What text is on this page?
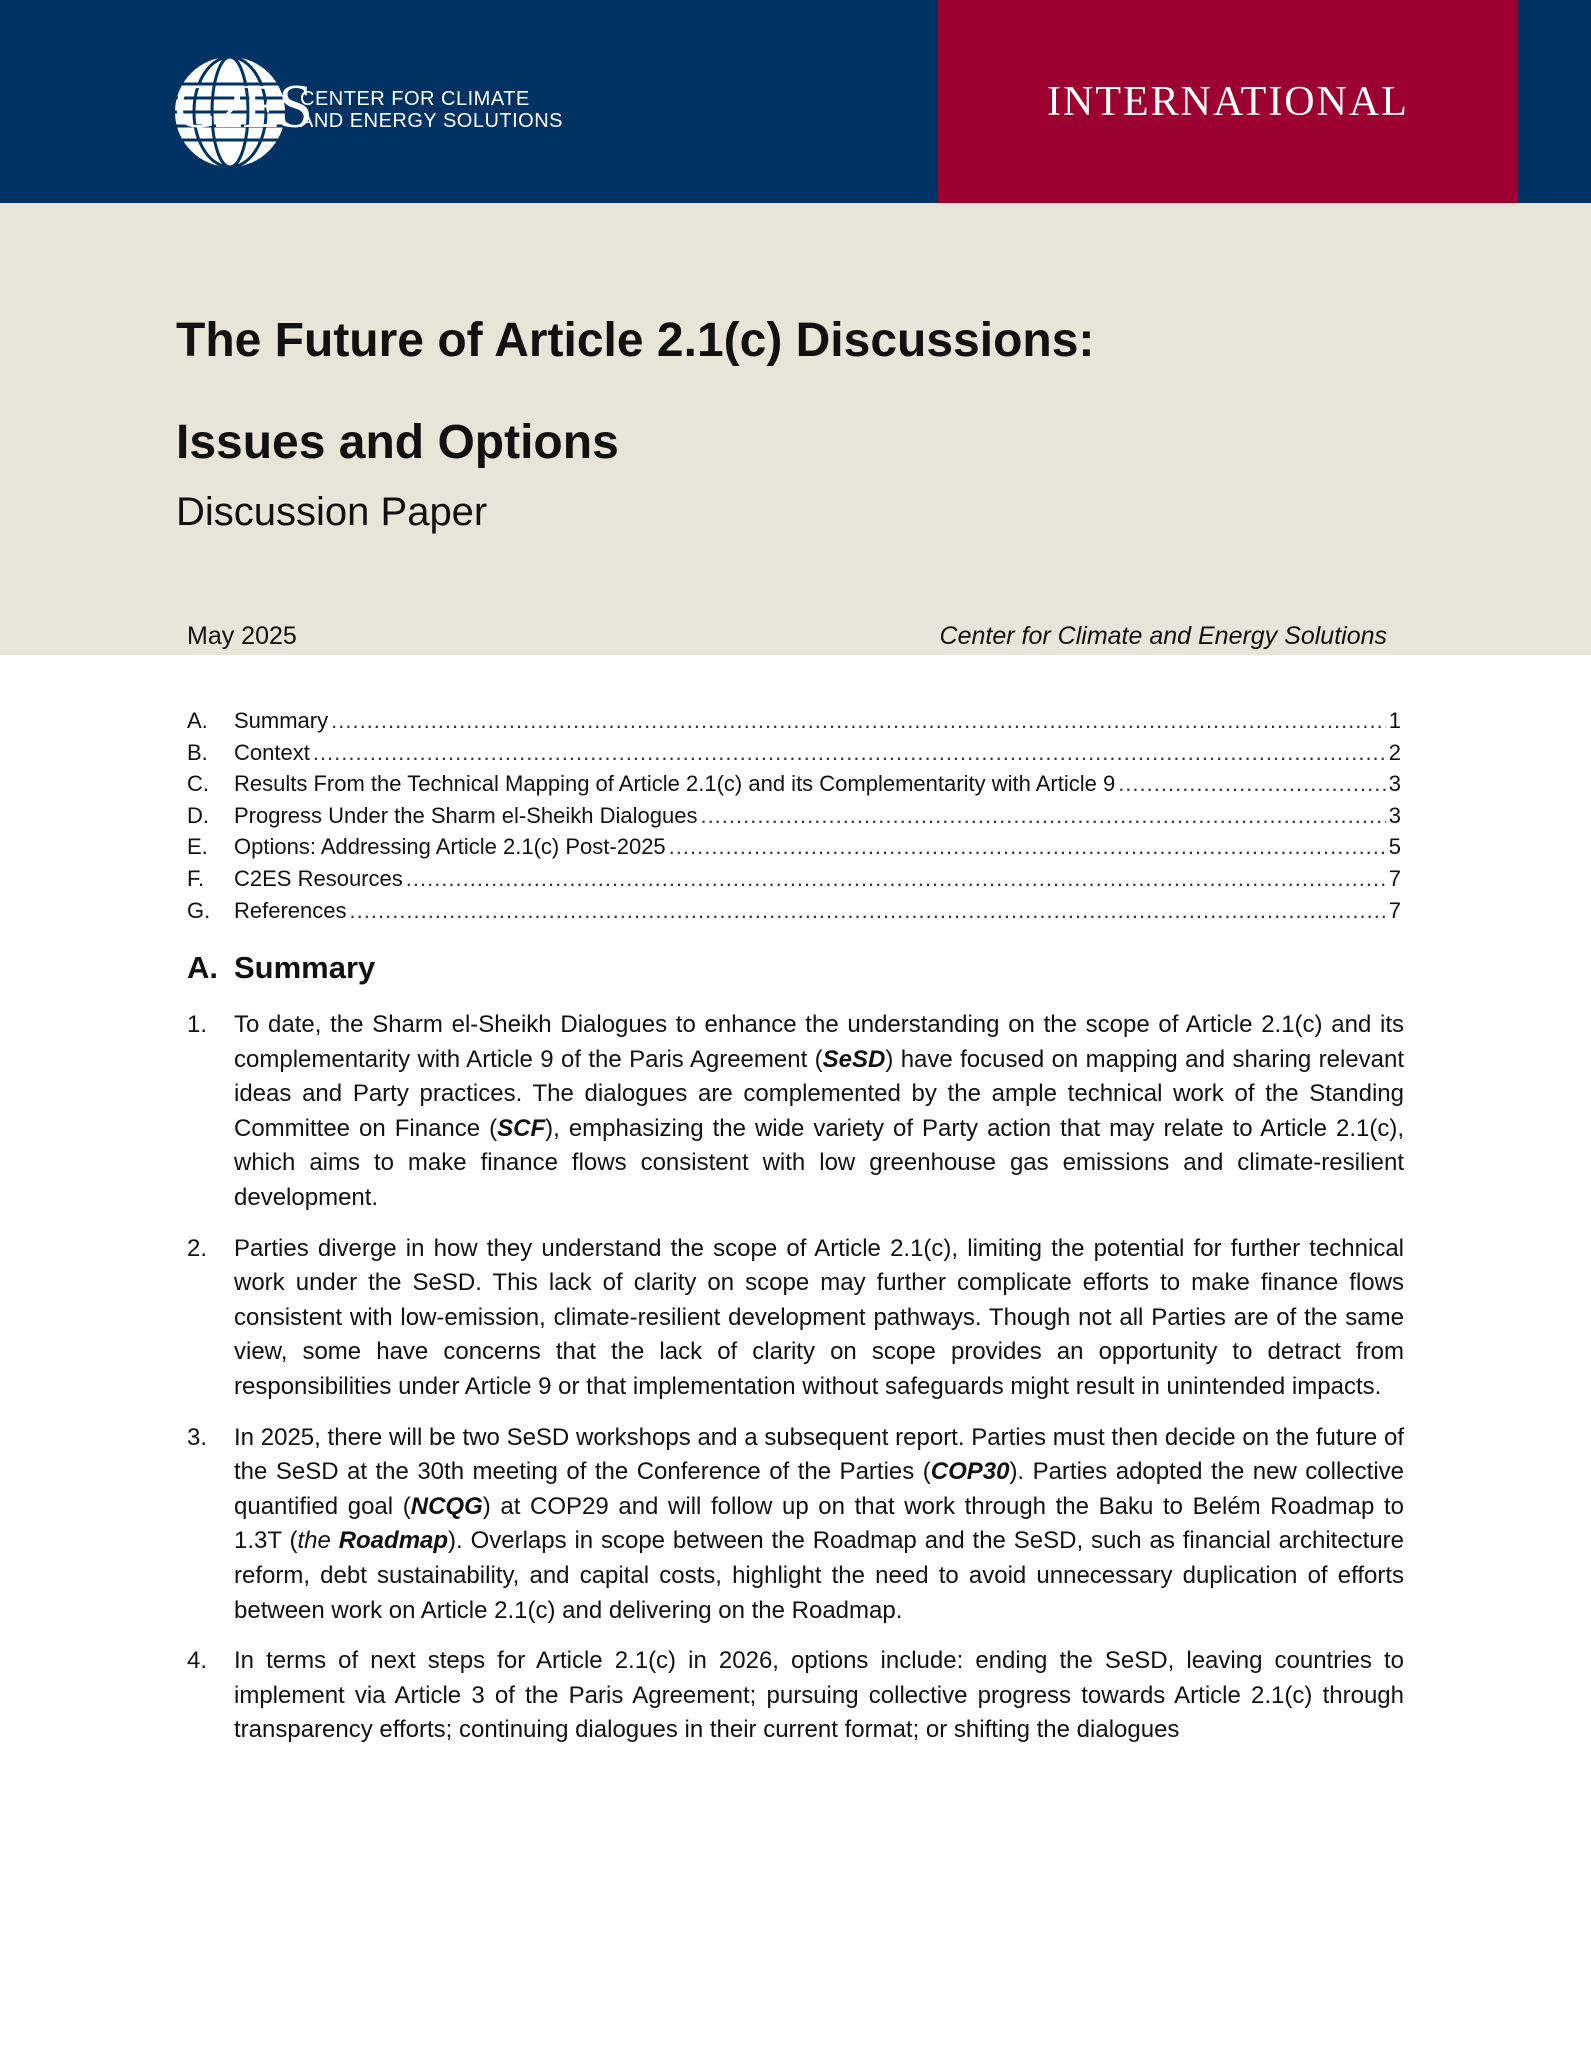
C2ES
CENTER FOR CLIMATE
AND ENERGY SOLUTIONS	INTERNATIONAL
The Future of Article 2.1(c) Discussions:
Issues and Options
Discussion Paper
May 2025	Center for Climate and Energy Solutions
A.	Summary .....	1
B.	Context .....	2
C.	Results From the Technical Mapping of Article 2.1(c) and its Complementarity with Article 9 .....	3
D.	Progress Under the Sharm el-Sheikh Dialogues .....	3
E.	Options: Addressing Article 2.1(c) Post-2025 .....	5
F.	C2ES Resources .....	7
G.	References .....	7
A. Summary
1.	To date, the Sharm el-Sheikh Dialogues to enhance the understanding on the scope of Article 2.1(c) and its complementarity with Article 9 of the Paris Agreement (SeSD) have focused on mapping and sharing relevant ideas and Party practices. The dialogues are complemented by the ample technical work of the Standing Committee on Finance (SCF), emphasizing the wide variety of Party action that may relate to Article 2.1(c), which aims to make finance flows consistent with low greenhouse gas emissions and climate-resilient development.
2.	Parties diverge in how they understand the scope of Article 2.1(c), limiting the potential for further technical work under the SeSD. This lack of clarity on scope may further complicate efforts to make finance flows consistent with low-emission, climate-resilient development pathways. Though not all Parties are of the same view, some have concerns that the lack of clarity on scope provides an opportunity to detract from responsibilities under Article 9 or that implementation without safeguards might result in unintended impacts.
3.	In 2025, there will be two SeSD workshops and a subsequent report. Parties must then decide on the future of the SeSD at the 30th meeting of the Conference of the Parties (COP30). Parties adopted the new collective quantified goal (NCQG) at COP29 and will follow up on that work through the Baku to Belém Roadmap to 1.3T (the Roadmap). Overlaps in scope between the Roadmap and the SeSD, such as financial architecture reform, debt sustainability, and capital costs, highlight the need to avoid unnecessary duplication of efforts between work on Article 2.1(c) and delivering on the Roadmap.
4.	In terms of next steps for Article 2.1(c) in 2026, options include: ending the SeSD, leaving countries to implement via Article 3 of the Paris Agreement; pursuing collective progress towards Article 2.1(c) through transparency efforts; continuing dialogues in their current format; or shifting the dialogues
